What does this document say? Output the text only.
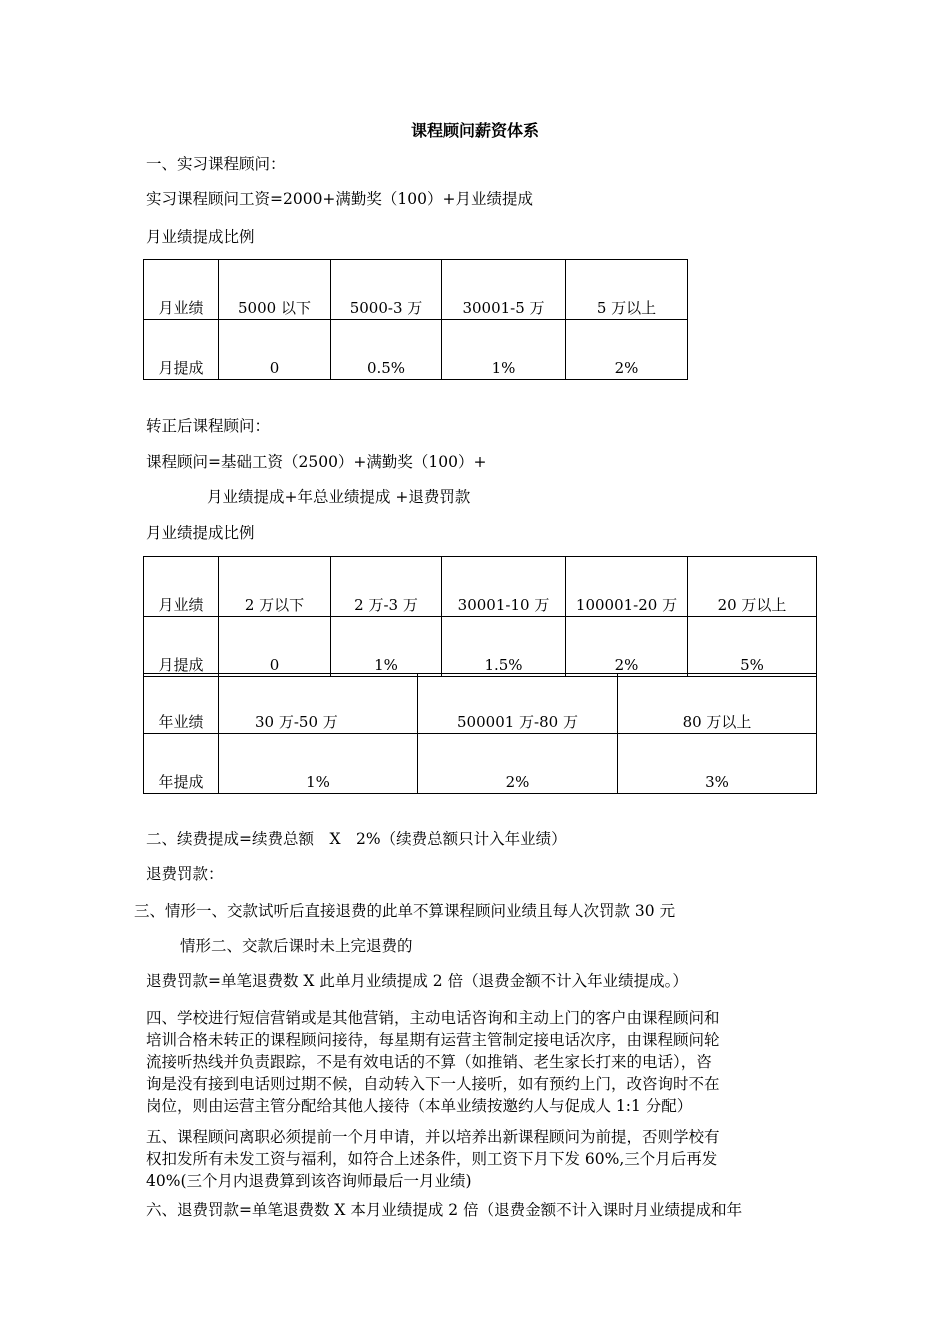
课程顾问薪资体系
一、实习课程顾问：
实习课程顾问工资=2000+满勤奖（100）+月业绩提成
月业绩提成比例
月业绩	5000 以下	5000-3 万	30001-5 万	5 万以上
月提成	0	0.5%	1%	2%
转正后课程顾问：
课程顾问=基础工资（2500）+满勤奖（100）+
月业绩提成+年总业绩提成 +退费罚款
月业绩提成比例
月业绩	2 万以下	2 万-3 万	30001-10 万	100001-20 万	20 万以上
月提成	0	1%	1.5%	2%	5%
年业绩	30 万-50 万	500001 万-80 万	80 万以上
年提成	1%	2%	3%
二、续费提成=续费总额　X　2%（续费总额只计入年业绩）
退费罚款：
三、情形一、交款试听后直接退费的此单不算课程顾问业绩且每人次罚款 30 元
情形二、交款后课时未上完退费的
退费罚款=单笔退费数 X 此单月业绩提成 2 倍（退费金额不计入年业绩提成。）
四、学校进行短信营销或是其他营销，主动电话咨询和主动上门的客户由课程顾问和
培训合格未转正的课程顾问接待，每星期有运营主管制定接电话次序，由课程顾问轮
流接听热线并负责跟踪，不是有效电话的不算（如推销、老生家长打来的电话），咨
询是没有接到电话则过期不候，自动转入下一人接听，如有预约上门，改咨询时不在
岗位，则由运营主管分配给其他人接待（本单业绩按邀约人与促成人 1:1 分配）
五、课程顾问离职必须提前一个月申请，并以培养出新课程顾问为前提，否则学校有
权扣发所有未发工资与福利，如符合上述条件，则工资下月下发 60%,三个月后再发
40%(三个月内退费算到该咨询师最后一月业绩)
六、退费罚款=单笔退费数 X 本月业绩提成 2 倍（退费金额不计入课时月业绩提成和年
